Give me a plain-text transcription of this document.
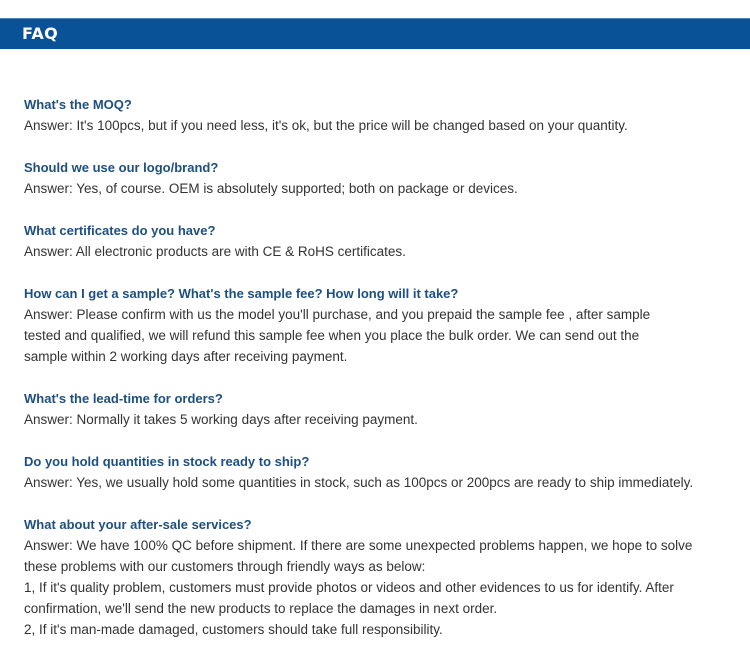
FAQ
What's the MOQ?
Answer: It's 100pcs, but if you need less, it's ok, but the price will be changed based on your quantity.
Should we use our logo/brand?
Answer: Yes, of course. OEM is absolutely supported; both on package or devices.
What certificates do you have?
Answer: All electronic products are with CE & RoHS certificates.
How can I get a sample? What's the sample fee? How long will it take?
Answer: Please confirm with us the model you'll purchase, and you prepaid the sample fee , after sample
tested and qualified, we will refund this sample fee when you place the bulk order. We can send out the
sample within 2 working days after receiving payment.
What's the lead-time for orders?
Answer: Normally it takes 5 working days after receiving payment.
Do you hold quantities in stock ready to ship?
Answer: Yes, we usually hold some quantities in stock, such as 100pcs or 200pcs are ready to ship immediately.
What about your after-sale services?
Answer: We have 100% QC before shipment. If there are some unexpected problems happen, we hope to solve
these problems with our customers through friendly ways as below:
1, If it's quality problem, customers must provide photos or videos and other evidences to us for identify. After
confirmation, we'll send the new products to replace the damages in next order.
2, If it's man-made damaged, customers should take full responsibility.
